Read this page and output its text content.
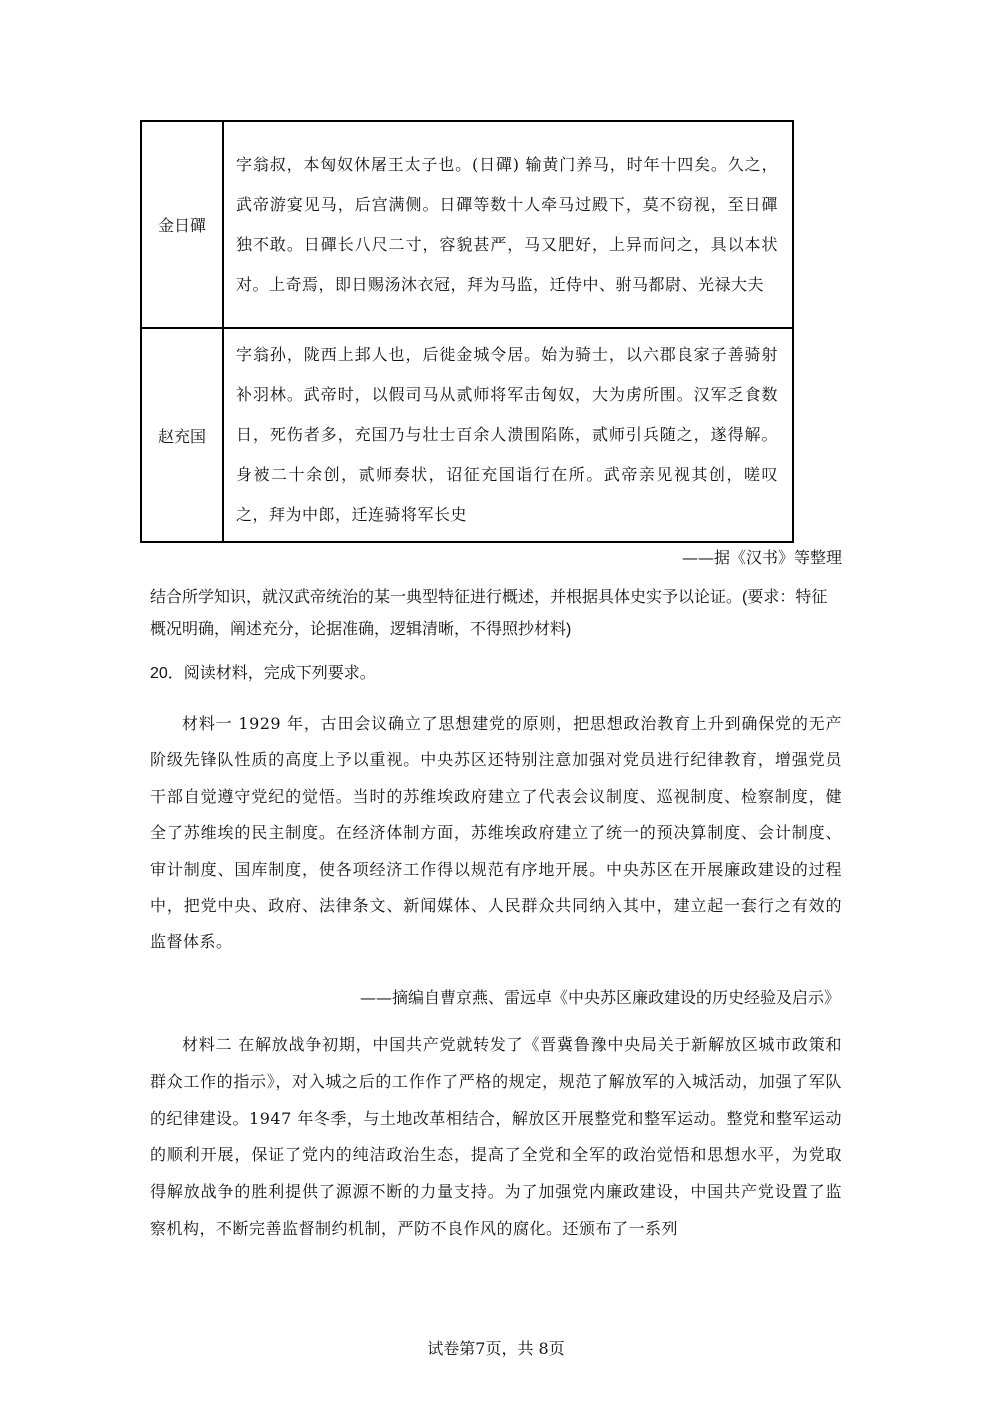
金日磾	字翁叔，本匈奴休屠王太子也。(日磾) 输黄门养马，时年十四矣。久之，武帝游宴见马，后宫满侧。日磾等数十人牵马过殿下，莫不窃视，至日磾独不敢。日磾长八尺二寸，容貌甚严，马又肥好，上异而问之，具以本状对。上奇焉，即日赐汤沐衣冠，拜为马监，迁侍中、驸马都尉、光禄大夫
赵充国	字翁孙，陇西上邽人也，后徙金城令居。始为骑士，以六郡良家子善骑射补羽林。武帝时，以假司马从贰师将军击匈奴，大为虏所围。汉军乏食数日，死伤者多，充国乃与壮士百余人溃围陷陈，贰师引兵随之，遂得解。身被二十余创，贰师奏状，诏征充国诣行在所。武帝亲见视其创，嗟叹之，拜为中郎，迁连骑将军长史
——据《汉书》等整理
结合所学知识，就汉武帝统治的某一典型特征进行概述，并根据具体史实予以论证。(要求：特征概况明确，阐述充分，论据准确，逻辑清晰，不得照抄材料)
20．阅读材料，完成下列要求。
材料一 1929 年，古田会议确立了思想建党的原则，把思想政治教育上升到确保党的无产阶级先锋队性质的高度上予以重视。中央苏区还特别注意加强对党员进行纪律教育，增强党员干部自觉遵守党纪的觉悟。当时的苏维埃政府建立了代表会议制度、巡视制度、检察制度，健全了苏维埃的民主制度。在经济体制方面，苏维埃政府建立了统一的预决算制度、会计制度、审计制度、国库制度，使各项经济工作得以规范有序地开展。中央苏区在开展廉政建设的过程中，把党中央、政府、法律条文、新闻媒体、人民群众共同纳入其中，建立起一套行之有效的监督体系。
——摘编自曹京燕、雷远卓《中央苏区廉政建设的历史经验及启示》
材料二 在解放战争初期，中国共产党就转发了《晋冀鲁豫中央局关于新解放区城市政策和群众工作的指示》，对入城之后的工作作了严格的规定，规范了解放军的入城活动，加强了军队的纪律建设。1947 年冬季，与土地改革相结合，解放区开展整党和整军运动。整党和整军运动的顺利开展，保证了党内的纯洁政治生态，提高了全党和全军的政治觉悟和思想水平，为党取得解放战争的胜利提供了源源不断的力量支持。为了加强党内廉政建设，中国共产党设置了监察机构，不断完善监督制约机制，严防不良作风的腐化。还颁布了一系列
试卷第7页，共 8页
